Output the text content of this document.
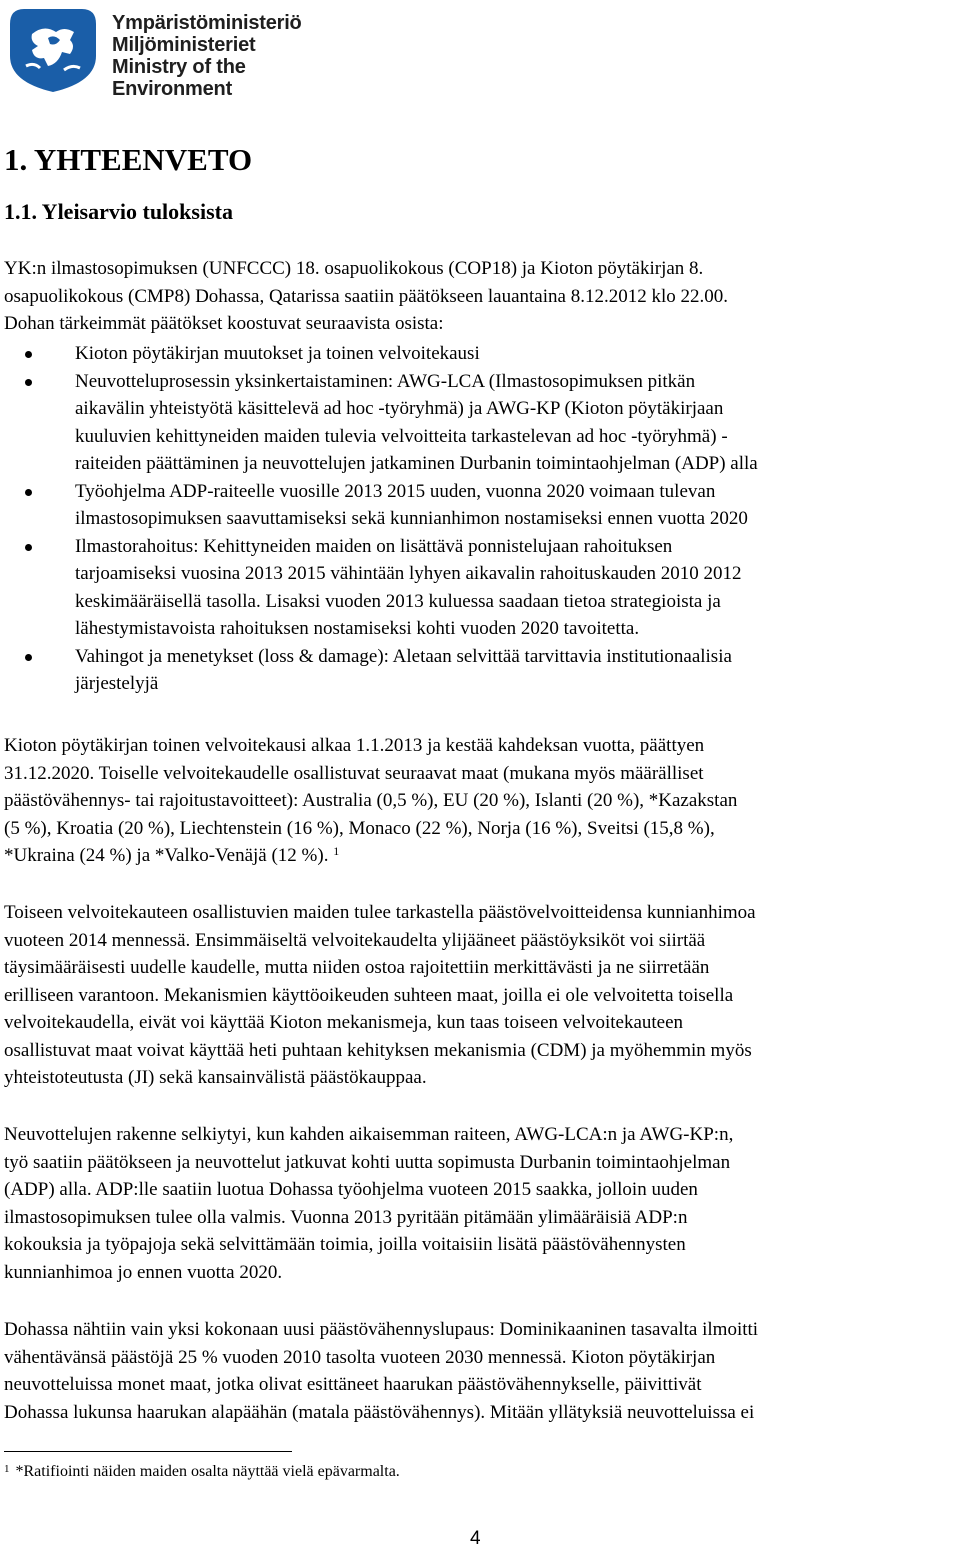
Ympäristöministeriö
Miljöministeriet
Ministry of the Environment
1. YHTEENVETO
1.1. Yleisarvio tuloksista

YK:n ilmastosopimuksen (UNFCCC) 18. osapuolikokous (COP18) ja Kioton pöytäkirjan 8.

osapuolikokous (CMP8) Dohassa, Qatarissa saatiin päätökseen lauantaina 8.12.2012 klo 22.00.

Dohan tärkeimmät päätökset koostuvat seuraavista osista:

Kioton pöytäkirjan muutokset ja toinen velvoitekausi
Neuvotteluprosessin yksinkertaistaminen: AWG-LCA (Ilmastosopimuksen pitkän
aikavälin yhteistyötä käsittelevä ad hoc -työryhmä) ja AWG-KP (Kioton pöytäkirjaan
kuuluvien kehittyneiden maiden tulevia velvoitteita tarkastelevan ad hoc -työryhmä) -
raiteiden päättäminen ja neuvottelujen jatkaminen Durbanin toimintaohjelman (ADP) alla
Työohjelma ADP-raiteelle vuosille 2013 2015 uuden, vuonna 2020 voimaan tulevan
ilmastosopimuksen saavuttamiseksi sekä kunnianhimon nostamiseksi ennen vuotta 2020
Ilmastorahoitus: Kehittyneiden maiden on lisättävä ponnistelujaan rahoituksen
tarjoamiseksi vuosina 2013 2015 vähintään lyhyen aikavalin rahoituskauden 2010 2012
keskimääräisellä tasolla. Lisaksi vuoden 2013 kuluessa saadaan tietoa strategioista ja
lähestymistavoista rahoituksen nostamiseksi kohti vuoden 2020 tavoitetta.
Vahingot ja menetykset (loss & damage): Aletaan selvittää tarvittavia institutionaalisia
järjestelyjä
Kioton pöytäkirjan toinen velvoitekausi alkaa 1.1.2013 ja kestää kahdeksan vuotta, päättyen
31.12.2020. Toiselle velvoitekaudelle osallistuvat seuraavat maat (mukana myös määrälliset
päästövähennys- tai rajoitustavoitteet): Australia (0,5 %), EU (20 %), Islanti (20 %), *Kazakstan
(5 %), Kroatia (20 %), Liechtenstein (16 %), Monaco (22 %), Norja (16 %), Sveitsi (15,8 %),
*Ukraina (24 %) ja *Valko-Venäjä (12 %). $^1$
Toiseen velvoitekauteen osallistuvien maiden tulee tarkastella päästövelvoitteidensa kunnianhimoa
vuoteen 2014 mennessä. Ensimmäiseltä velvoitekaudelta ylijääneet päästöyksiköt voi siirtää
täysimääräisesti uudelle kaudelle, mutta niiden ostoa rajoitettiin merkittävästi ja ne siirretään
erilliseen varantoon. Mekanismien käyttöoikeuden suhteen maat, joilla ei ole velvoitetta toisella
velvoitekaudella, eivät voi käyttää Kioton mekanismeja, kun taas toiseen velvoitekauteen
osallistuvat maat voivat käyttää heti puhtaan kehityksen mekanismia (CDM) ja myöhemmin myös
yhteistoteutusta (JI) sekä kansainvälistä päästökauppaa.
Neuvottelujen rakenne selkiytyi, kun kahden aikaisemman raiteen, AWG-LCA:n ja AWG-KP:n,
työ saatiin päätökseen ja neuvottelut jatkuvat kohti uutta sopimusta Durbanin toimintaohjelman
(ADP) alla. ADP:lle saatiin luotua Dohassa työohjelma vuoteen 2015 saakka, jolloin uuden
ilmastosopimuksen tulee olla valmis. Vuonna 2013 pyritään pitämään ylimääräisiä ADP:n
kokouksia ja työpajoja sekä selvittämään toimia, joilla voitaisiin lisätä päästövähennysten
kunnianhimoa jo ennen vuotta 2020.
Dohassa nähtiin vain yksi kokonaan uusi päästövähennyslupaus: Dominikaaninen tasavalta ilmoitti
vähentävänsä päästöjä 25 % vuoden 2010 tasolta vuoteen 2030 mennessä. Kioton pöytäkirjan
neuvotteluissa monet maat, jotka olivat esittäneet haarukan päästövähennykselle, päivittivät
Dohassa lukunsa haarukan alapäähän (matala päästövähennys). Mitään yllätyksiä neuvotteluissa ei
$^1$ *Ratifiointi näiden maiden osalta näyttää vielä epävarmalta.
4
